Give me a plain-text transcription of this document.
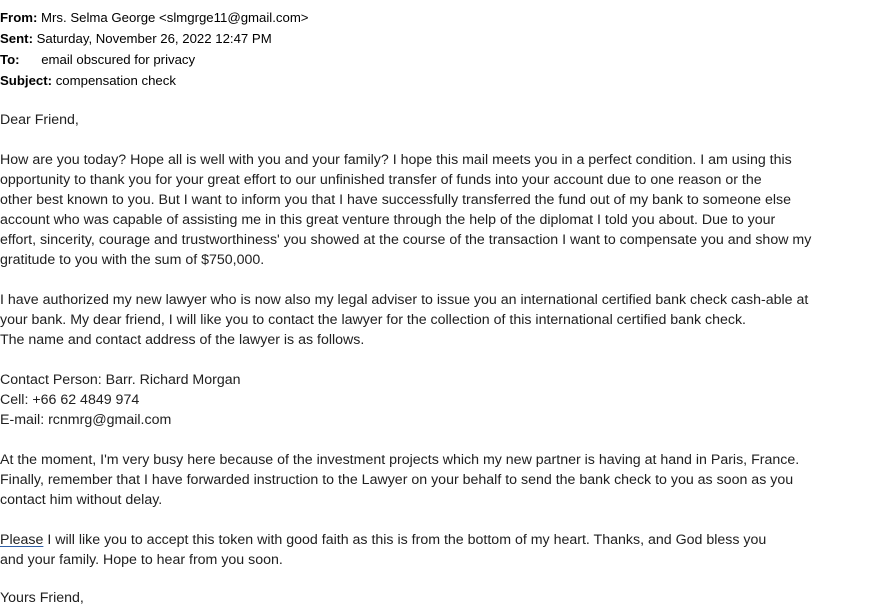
From: Mrs. Selma George <slmgrge11@gmail.com>
Sent: Saturday, November 26, 2022 12:47 PM
To: email obscured for privacy
Subject: compensation check
Dear Friend,
How are you today? Hope all is well with you and your family? I hope this mail meets you in a perfect condition. I am using this
opportunity to thank you for your great effort to our unfinished transfer of funds into your account due to one reason or the
other best known to you. But I want to inform you that I have successfully transferred the fund out of my bank to someone else
account who was capable of assisting me in this great venture through the help of the diplomat I told you about. Due to your
effort, sincerity, courage and trustworthiness' you showed at the course of the transaction I want to compensate you and show my
gratitude to you with the sum of $750,000.
I have authorized my new lawyer who is now also my legal adviser to issue you an international certified bank check cash-able at
your bank. My dear friend, I will like you to contact the lawyer for the collection of this international certified bank check.
The name and contact address of the lawyer is as follows.
Contact Person: Barr. Richard Morgan
Cell: +66 62 4849 974
E-mail: rcnmrg@gmail.com
At the moment, I'm very busy here because of the investment projects which my new partner is having at hand in Paris, France.
Finally, remember that I have forwarded instruction to the Lawyer on your behalf to send the bank check to you as soon as you
contact him without delay.
Please I will like you to accept this token with good faith as this is from the bottom of my heart. Thanks, and God bless you
and your family. Hope to hear from you soon.
Yours Friend,
